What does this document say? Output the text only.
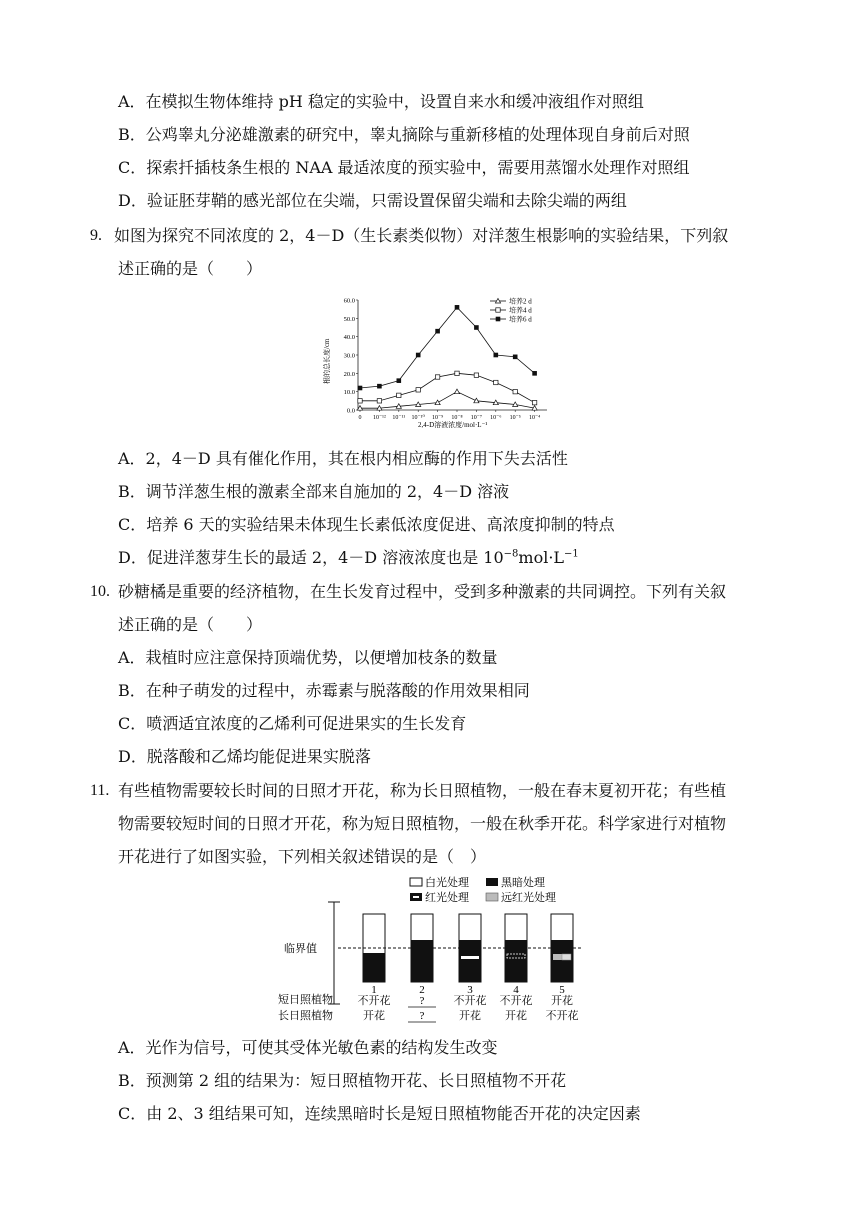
A．在模拟生物体维持 pH 稳定的实验中，设置自来水和缓冲液组作对照组
B．公鸡睾丸分泌雄激素的研究中，睾丸摘除与重新移植的处理体现自身前后对照
C．探索扦插枝条生根的 NAA 最适浓度的预实验中，需要用蒸馏水处理作对照组
D．验证胚芽鞘的感光部位在尖端，只需设置保留尖端和去除尖端的两组
9. 如图为探究不同浓度的 2，4－D（生长素类似物）对洋葱生根影响的实验结果，下列叙
述正确的是（　　）
根的总长度/cm
0.0
10.0
20.0
30.0
40.0
50.0
60.0
0 10⁻¹² 10⁻¹¹ 10⁻¹⁰ 10⁻⁹ 10⁻⁸ 10⁻⁷ 10⁻⁶ 10⁻⁵ 10⁻⁴
2,4-D溶液浓度/mol·L⁻¹
培养2 d
培养4 d
培养6 d
A．2，4－D 具有催化作用，其在根内相应酶的作用下失去活性
B．调节洋葱生根的激素全部来自施加的 2，4－D 溶液
C．培养 6 天的实验结果未体现生长素低浓度促进、高浓度抑制的特点
D．促进洋葱芽生长的最适 2，4－D 溶液浓度也是 $10^{-8}mol\cdot L^{-1}$
10. 砂糖橘是重要的经济植物，在生长发育过程中，受到多种激素的共同调控。下列有关叙
述正确的是（　　）
A．栽植时应注意保持顶端优势，以便增加枝条的数量
B．在种子萌发的过程中，赤霉素与脱落酸的作用效果相同
C．喷洒适宜浓度的乙烯利可促进果实的生长发育
D．脱落酸和乙烯均能促进果实脱落
11. 有些植物需要较长时间的日照才开花，称为长日照植物，一般在春末夏初开花；有些植
物需要较短时间的日照才开花，称为短日照植物，一般在秋季开花。科学家进行对植物
开花进行了如图实验，下列相关叙述错误的是（　）
白光处理	黑暗处理
红光处理	远红光处理
临界值
短日照植物
长日照植物
1
不开花
开花
2
?
?
3
不开花
开花
4
不开花
开花
5
开花
不开花
A．光作为信号，可使其受体光敏色素的结构发生改变
B．预测第 2 组的结果为：短日照植物开花、长日照植物不开花
C．由 2、3 组结果可知，连续黑暗时长是短日照植物能否开花的决定因素
